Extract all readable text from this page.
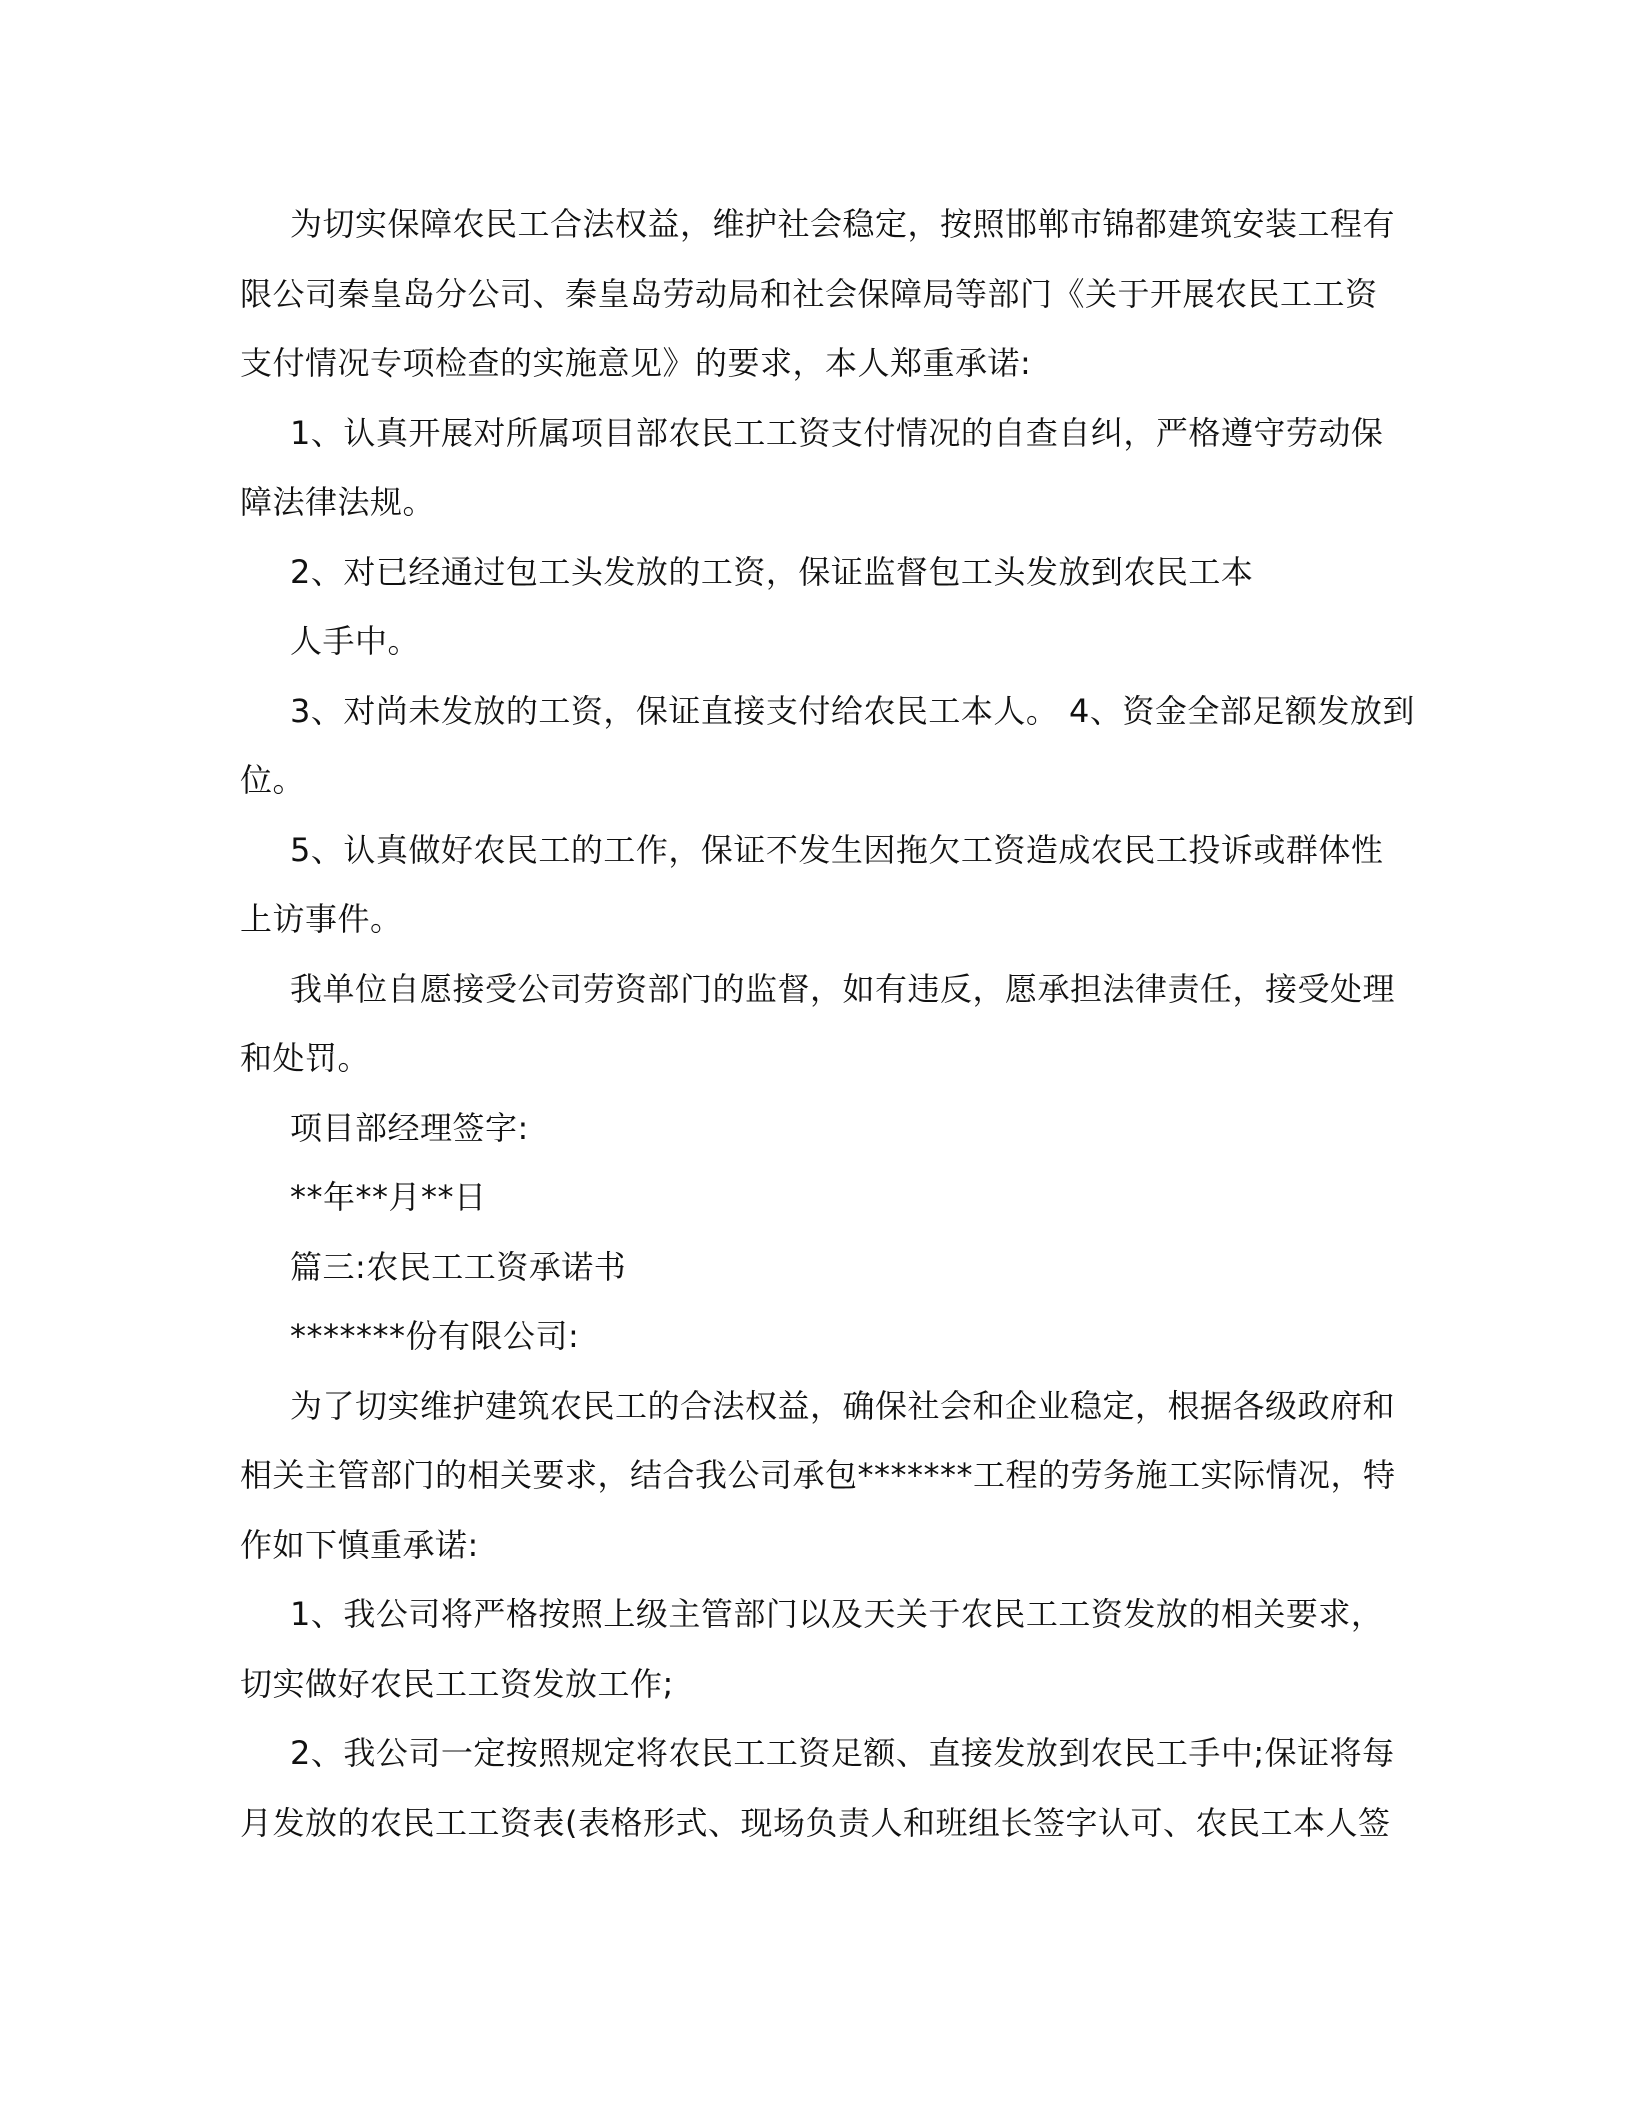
为切实保障农民工合法权益，维护社会稳定，按照邯郸市锦都建筑安装工程有
限公司秦皇岛分公司、秦皇岛劳动局和社会保障局等部门《关于开展农民工工资
支付情况专项检查的实施意见》的要求，本人郑重承诺:
1、认真开展对所属项目部农民工工资支付情况的自查自纠，严格遵守劳动保
障法律法规。
2、对已经通过包工头发放的工资，保证监督包工头发放到农民工本
人手中。
3、对尚未发放的工资，保证直接支付给农民工本人。 4、资金全部足额发放到
位。
5、认真做好农民工的工作，保证不发生因拖欠工资造成农民工投诉或群体性
上访事件。
我单位自愿接受公司劳资部门的监督，如有违反，愿承担法律责任，接受处理
和处罚。
项目部经理签字:
**年**月**日
篇三:农民工工资承诺书
*******份有限公司:
为了切实维护建筑农民工的合法权益，确保社会和企业稳定，根据各级政府和
相关主管部门的相关要求，结合我公司承包*******工程的劳务施工实际情况，特
作如下慎重承诺:
1、我公司将严格按照上级主管部门以及天关于农民工工资发放的相关要求，
切实做好农民工工资发放工作;
2、我公司一定按照规定将农民工工资足额、直接发放到农民工手中;保证将每
月发放的农民工工资表(表格形式、现场负责人和班组长签字认可、农民工本人签
